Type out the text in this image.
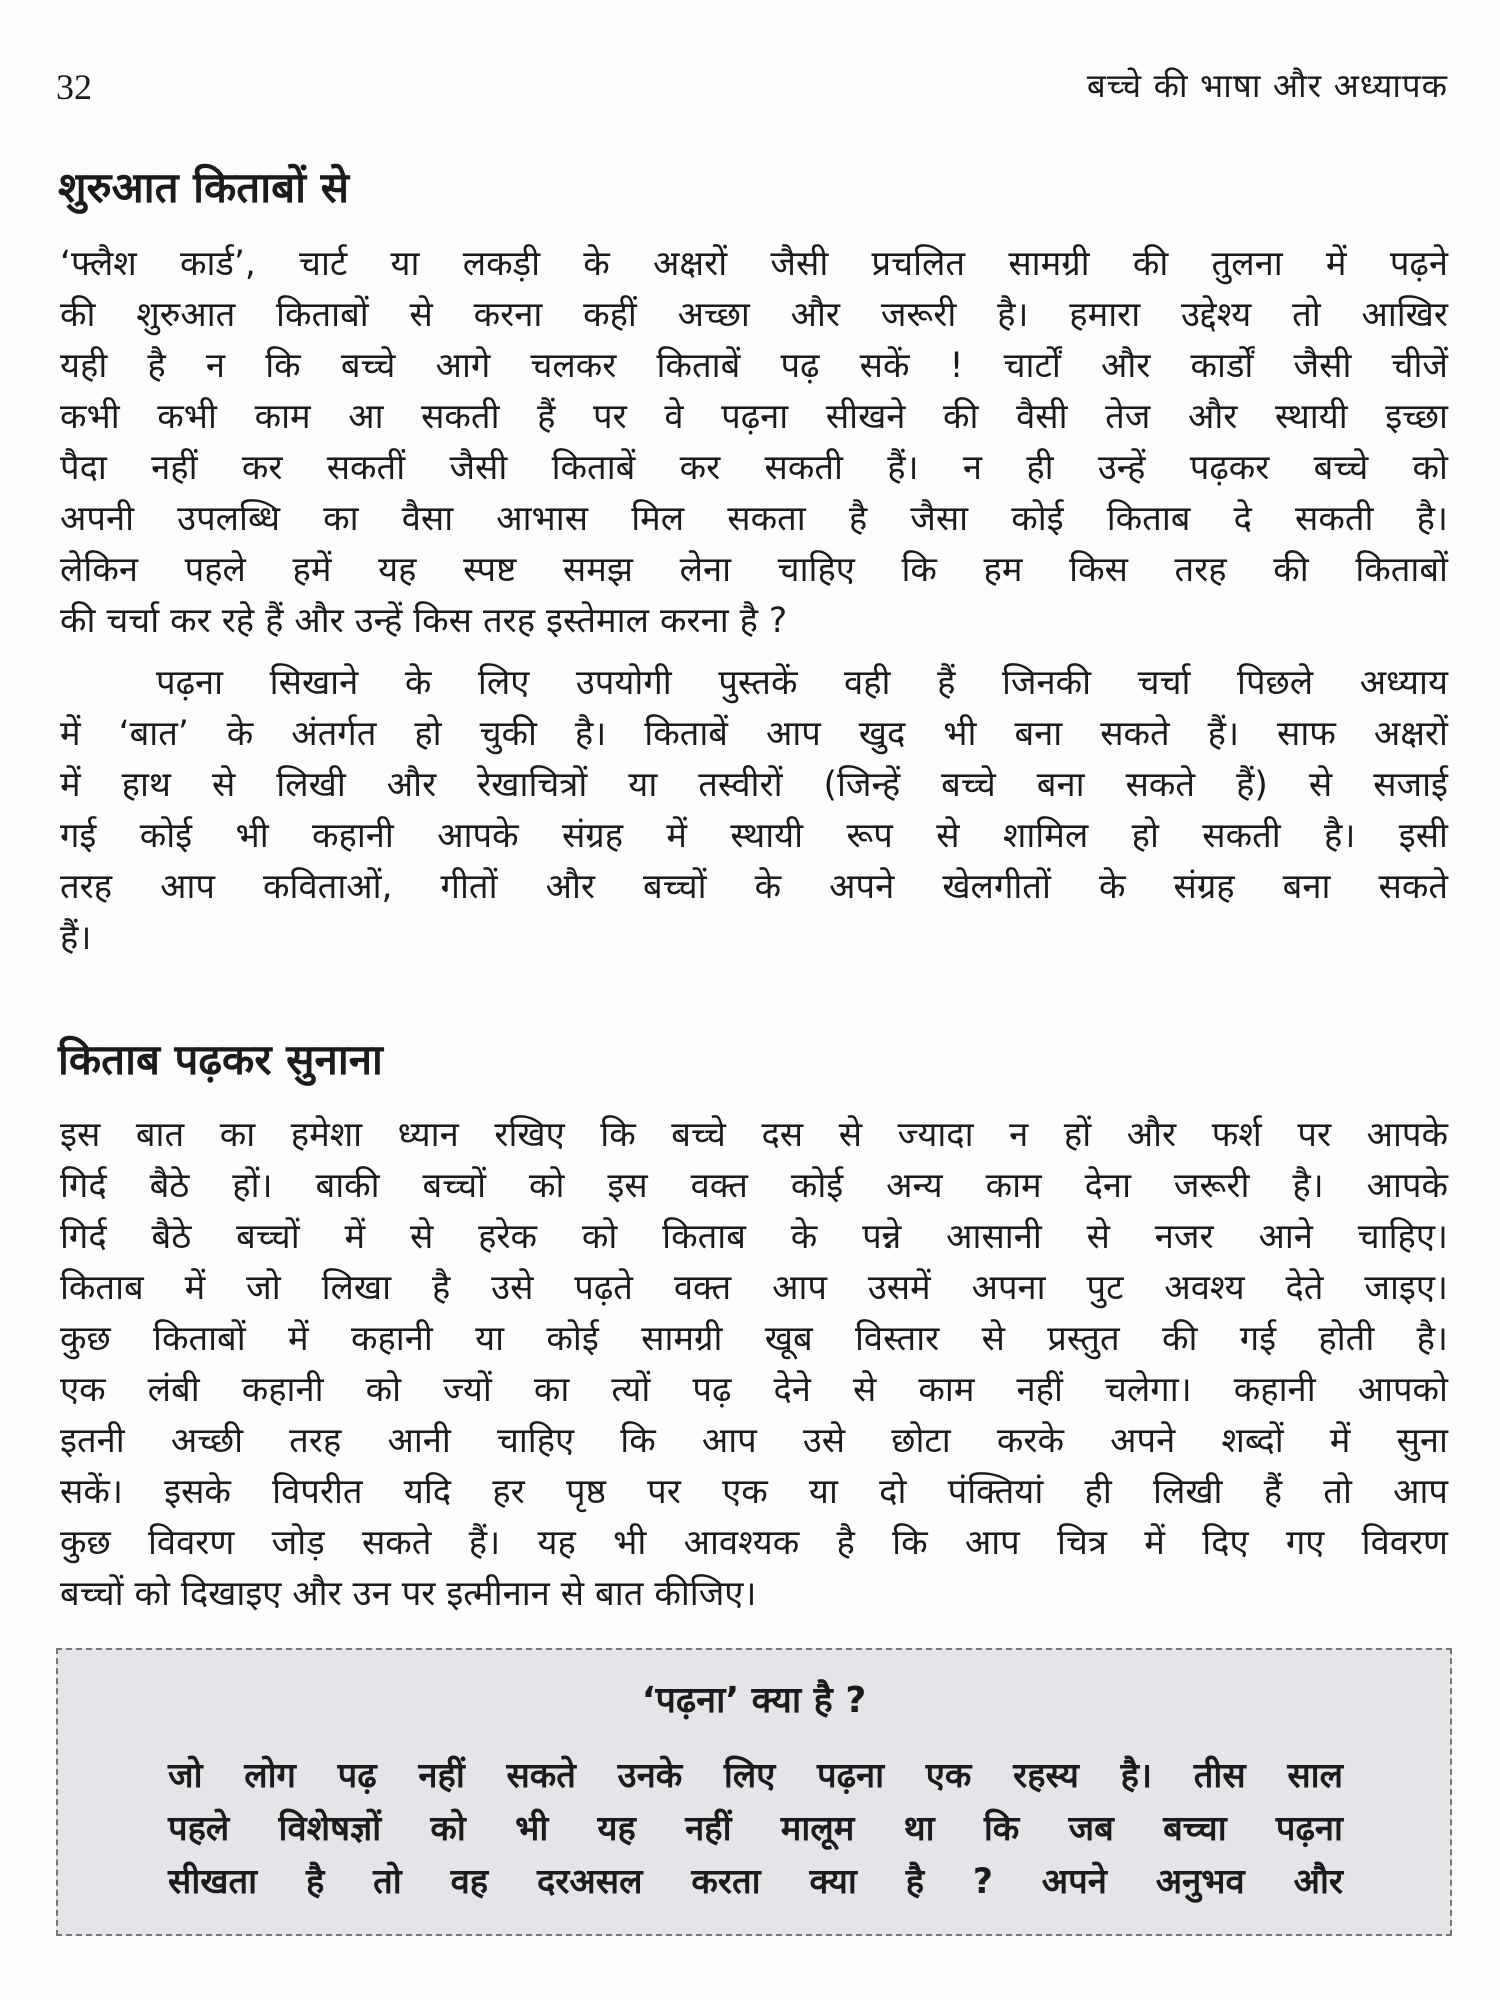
32	बच्चे की भाषा और अध्यापक
शुरुआत किताबों से

‘फ्लैश कार्ड’, चार्ट या लकड़ी के अक्षरों जैसी प्रचलित सामग्री की तुलना में पढ़ने
की शुरुआत किताबों से करना कहीं अच्छा और जरूरी है। हमारा उद्देश्य तो आखिर
यही है न कि बच्चे आगे चलकर किताबें पढ़ सकें ! चार्टों और कार्डों जैसी चीजें
कभी कभी काम आ सकती हैं पर वे पढ़ना सीखने की वैसी तेज और स्थायी इच्छा
पैदा नहीं कर सकतीं जैसी किताबें कर सकती हैं। न ही उन्हें पढ़कर बच्चे को
अपनी उपलब्धि का वैसा आभास मिल सकता है जैसा कोई किताब दे सकती है।
लेकिन पहले हमें यह स्पष्ट समझ लेना चाहिए कि हम किस तरह की किताबों
की चर्चा कर रहे हैं और उन्हें किस तरह इस्तेमाल करना है ?

पढ़ना सिखाने के लिए उपयोगी पुस्तकें वही हैं जिनकी चर्चा पिछले अध्याय
में ‘बात’ के अंतर्गत हो चुकी है। किताबें आप खुद भी बना सकते हैं। साफ अक्षरों
में हाथ से लिखी और रेखाचित्रों या तस्वीरों (जिन्हें बच्चे बना सकते हैं) से सजाई
गई कोई भी कहानी आपके संग्रह में स्थायी रूप से शामिल हो सकती है। इसी
तरह आप कविताओं, गीतों और बच्चों के अपने खेलगीतों के संग्रह बना सकते
हैं।

किताब पढ़कर सुनाना

इस बात का हमेशा ध्यान रखिए कि बच्चे दस से ज्यादा न हों और फर्श पर आपके
गिर्द बैठे हों। बाकी बच्चों को इस वक्त कोई अन्य काम देना जरूरी है। आपके
गिर्द बैठे बच्चों में से हरेक को किताब के पन्ने आसानी से नजर आने चाहिए।
किताब में जो लिखा है उसे पढ़ते वक्त आप उसमें अपना पुट अवश्य देते जाइए।
कुछ किताबों में कहानी या कोई सामग्री खूब विस्तार से प्रस्तुत की गई होती है।
एक लंबी कहानी को ज्यों का त्यों पढ़ देने से काम नहीं चलेगा। कहानी आपको
इतनी अच्छी तरह आनी चाहिए कि आप उसे छोटा करके अपने शब्दों में सुना
सकें। इसके विपरीत यदि हर पृष्ठ पर एक या दो पंक्तियां ही लिखी हैं तो आप
कुछ विवरण जोड़ सकते हैं। यह भी आवश्यक है कि आप चित्र में दिए गए विवरण
बच्चों को दिखाइए और उन पर इत्मीनान से बात कीजिए।

‘पढ़ना’ क्या है ?

जो लोग पढ़ नहीं सकते उनके लिए पढ़ना एक रहस्य है। तीस साल
पहले विशेषज्ञों को भी यह नहीं मालूम था कि जब बच्चा पढ़ना
सीखता है तो वह दरअसल करता क्या है ? अपने अनुभव और
